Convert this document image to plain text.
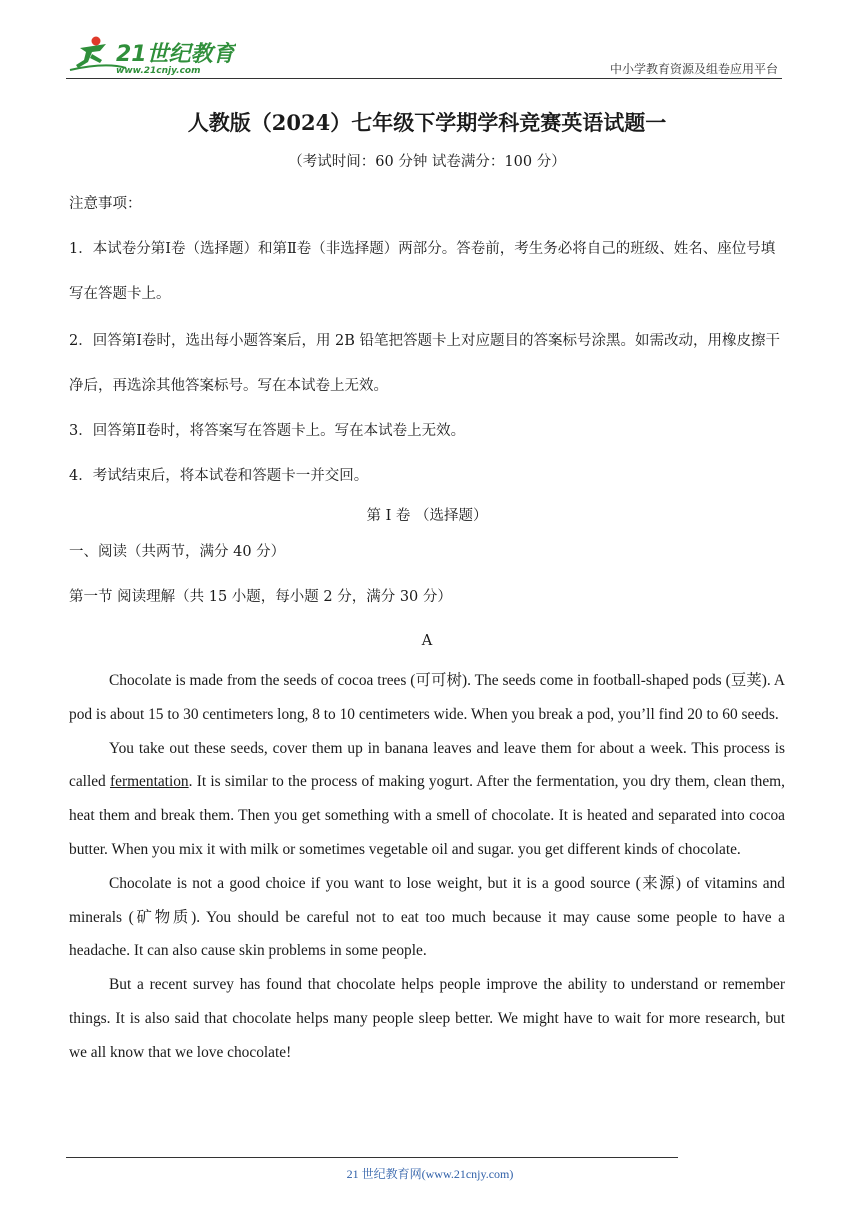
21世纪教育
www.21cnjy.com	中小学教育资源及组卷应用平台
人教版（2024）七年级下学期学科竞赛英语试题一

（考试时间：60 分钟 试卷满分：100 分）

注意事项：

1．本试卷分第Ⅰ卷（选择题）和第Ⅱ卷（非选择题）两部分。答卷前，考生务必将自己的班级、姓名、座位号填写在答题卡上。

2．回答第Ⅰ卷时，选出每小题答案后，用 2B 铅笔把答题卡上对应题目的答案标号涂黑。如需改动，用橡皮擦干净后，再选涂其他答案标号。写在本试卷上无效。

3．回答第Ⅱ卷时，将答案写在答题卡上。写在本试卷上无效。

4．考试结束后，将本试卷和答题卡一并交回。

第 I 卷 （选择题）

一、阅读（共两节，满分 40 分）

第一节 阅读理解（共 15 小题，每小题 2 分，满分 30 分）

A

Chocolate is made from the seeds of cocoa trees (可可树). The seeds come in football-shaped pods (豆荚). A pod is about 15 to 30 centimeters long, 8 to 10 centimeters wide. When you break a pod, you’ll find 20 to 60 seeds.

You take out these seeds, cover them up in banana leaves and leave them for about a week. This process is called fermentation. It is similar to the process of making yogurt. After the fermentation, you dry them, clean them, heat them and break them. Then you get something with a smell of chocolate. It is heated and separated into cocoa butter. When you mix it with milk or sometimes vegetable oil and sugar. you get different kinds of chocolate.

Chocolate is not a good choice if you want to lose weight, but it is a good source (来源) of vitamins and minerals (矿物质). You should be careful not to eat too much because it may cause some people to have a headache. It can also cause skin problems in some people.

But a recent survey has found that chocolate helps people improve the ability to understand or remember things. It is also said that chocolate helps many people sleep better. We might have to wait for more research, but we all know that we love chocolate!

21 世纪教育网(www.21cnjy.com)
